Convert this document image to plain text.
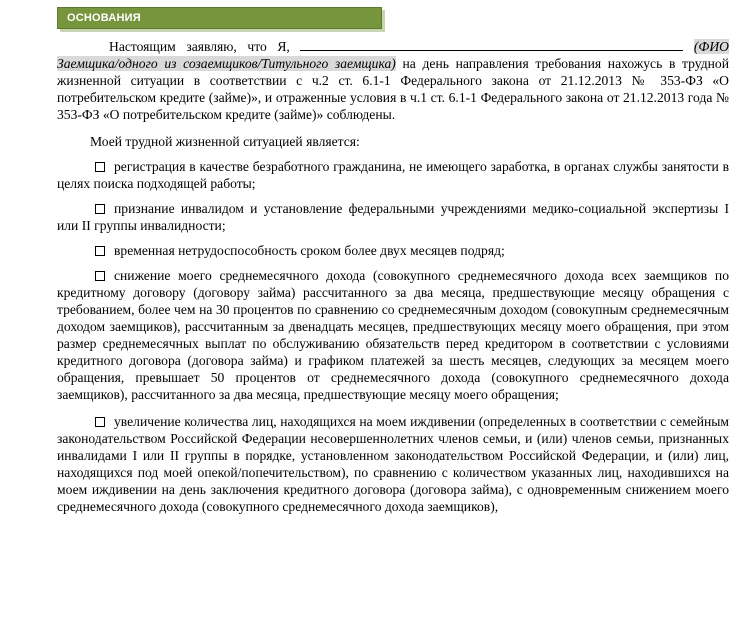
ОСНОВАНИЯ

Настоящим заявляю, что Я,	(ФИО Заемщика/одного из созаемщиков/Титульного заемщика) на день направления требования нахожусь в трудной жизненной ситуации в соответствии с ч.2 ст. 6.1-1 Федерального закона от 21.12.2013 № 353-ФЗ «О потребительском кредите (займе)», и отраженные условия в ч.1 ст. 6.1-1 Федерального закона от 21.12.2013 года № 353-ФЗ «О потребительском кредите (займе)» соблюдены.

Моей трудной жизненной ситуацией является:

регистрация в качестве безработного гражданина, не имеющего заработка, в органах службы занятости в целях поиска подходящей работы;

признание инвалидом и установление федеральными учреждениями медико-социальной экспертизы I или II группы инвалидности;

временная нетрудоспособность сроком более двух месяцев подряд;

снижение моего среднемесячного дохода (совокупного среднемесячного дохода всех заемщиков по кредитному договору (договору займа) рассчитанного за два месяца, предшествующие месяцу обращения с требованием, более чем на 30 процентов по сравнению со среднемесячным доходом (совокупным среднемесячным доходом заемщиков), рассчитанным за двенадцать месяцев, предшествующих месяцу моего обращения, при этом размер среднемесячных выплат по обслуживанию обязательств перед кредитором в соответствии с условиями кредитного договора (договора займа) и графиком платежей за шесть месяцев, следующих за месяцем моего обращения, превышает 50 процентов от среднемесячного дохода (совокупного среднемесячного дохода заемщиков), рассчитанного за два месяца, предшествующие месяцу моего обращения;

увеличение количества лиц, находящихся на моем иждивении (определенных в соответствии с семейным законодательством Российской Федерации несовершеннолетних членов семьи, и (или) членов семьи, признанных инвалидами I или II группы в порядке, установленном законодательством Российской Федерации, и (или) лиц, находящихся под моей опекой/попечительством), по сравнению с количеством указанных лиц, находившихся на моем иждивении на день заключения кредитного договора (договора займа), с одновременным снижением моего среднемесячного дохода (совокупного среднемесячного дохода заемщиков),
